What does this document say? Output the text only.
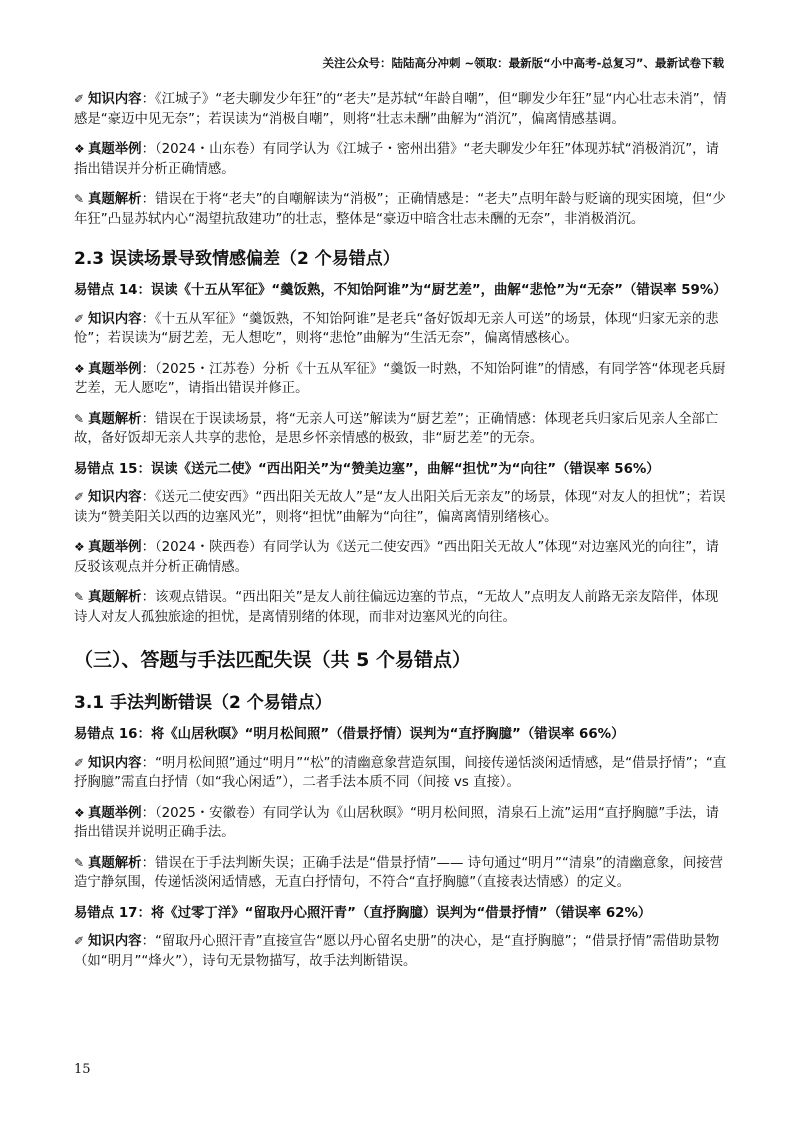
关注公众号：陆陆高分冲刺 ~领取：最新版“小中高考-总复习”、最新试卷下载

✐ 知识内容：《江城子》“老夫聊发少年狂”的“老夫”是苏轼“年龄自嘲”，但“聊发少年狂”显“内心壮志未消”，情感是“豪迈中见无奈”；若误读为“消极自嘲”，则将“壮志未酬”曲解为“消沉”，偏离情感基调。

❖ 真题举例：（2024・山东卷）有同学认为《江城子・密州出猎》“老夫聊发少年狂”体现苏轼“消极消沉”，请指出错误并分析正确情感。

✎ 真题解析：错误在于将“老夫”的自嘲解读为“消极”；正确情感是：“老夫”点明年龄与贬谪的现实困境，但“少年狂”凸显苏轼内心“渴望抗敌建功”的壮志，整体是“豪迈中暗含壮志未酬的无奈”，非消极消沉。

2.3 误读场景导致情感偏差（2 个易错点）
易错点 14：误读《十五从军征》“羹饭熟，不知饴阿谁”为“厨艺差”，曲解“悲怆”为“无奈”（错误率 59%）

✐ 知识内容：《十五从军征》“羹饭熟，不知饴阿谁”是老兵“备好饭却无亲人可送”的场景，体现“归家无亲的悲怆”；若误读为“厨艺差，无人想吃”，则将“悲怆”曲解为“生活无奈”，偏离情感核心。

❖ 真题举例：（2025・江苏卷）分析《十五从军征》“羹饭一时熟，不知饴阿谁”的情感，有同学答“体现老兵厨艺差，无人愿吃”，请指出错误并修正。

✎ 真题解析：错误在于误读场景，将“无亲人可送”解读为“厨艺差”；正确情感：体现老兵归家后见亲人全部亡故，备好饭却无亲人共享的悲怆，是思乡怀亲情感的极致，非“厨艺差”的无奈。

易错点 15：误读《送元二使》“西出阳关”为“赞美边塞”，曲解“担忧”为“向往”（错误率 56%）

✐ 知识内容：《送元二使安西》“西出阳关无故人”是“友人出阳关后无亲友”的场景，体现“对友人的担忧”；若误读为“赞美阳关以西的边塞风光”，则将“担忧”曲解为“向往”，偏离离情别绪核心。

❖ 真题举例：（2024・陕西卷）有同学认为《送元二使安西》“西出阳关无故人”体现“对边塞风光的向往”，请反驳该观点并分析正确情感。

✎ 真题解析：该观点错误。“西出阳关”是友人前往偏远边塞的节点，“无故人”点明友人前路无亲友陪伴，体现诗人对友人孤独旅途的担忧，是离情别绪的体现，而非对边塞风光的向往。

（三）、答题与手法匹配失误（共 5 个易错点）
3.1 手法判断错误（2 个易错点）
易错点 16：将《山居秋暝》“明月松间照”（借景抒情）误判为“直抒胸臆”（错误率 66%）

✐ 知识内容：“明月松间照”通过“明月”“松”的清幽意象营造氛围，间接传递恬淡闲适情感，是“借景抒情”；“直抒胸臆”需直白抒情（如“我心闲适”），二者手法本质不同（间接 vs 直接）。

❖ 真题举例：（2025・安徽卷）有同学认为《山居秋暝》“明月松间照，清泉石上流”运用“直抒胸臆”手法，请指出错误并说明正确手法。

✎ 真题解析：错误在于手法判断失误；正确手法是“借景抒情”—— 诗句通过“明月”“清泉”的清幽意象，间接营造宁静氛围，传递恬淡闲适情感，无直白抒情句，不符合“直抒胸臆”（直接表达情感）的定义。

易错点 17：将《过零丁洋》“留取丹心照汗青”（直抒胸臆）误判为“借景抒情”（错误率 62%）

✐ 知识内容：“留取丹心照汗青”直接宣告“愿以丹心留名史册”的决心，是“直抒胸臆”；“借景抒情”需借助景物（如“明月”“烽火”），诗句无景物描写，故手法判断错误。

15
